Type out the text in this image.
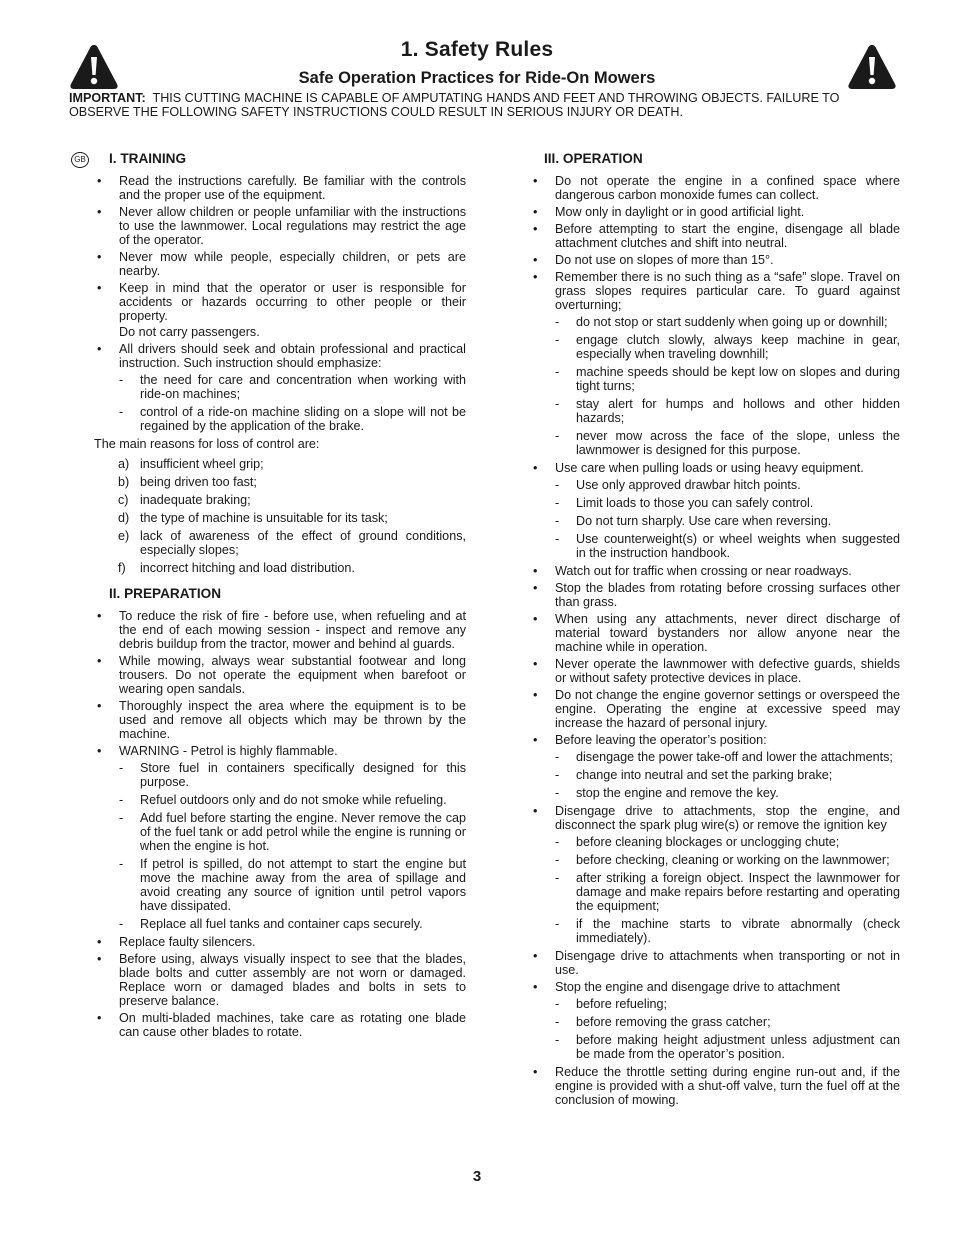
1. Safety Rules
Safe Operation Practices for Ride-On Mowers
IMPORTANT: THIS CUTTING MACHINE IS CAPABLE OF AMPUTATING HANDS AND FEET AND THROWING OBJECTS. FAILURE TO OBSERVE THE FOLLOWING SAFETY INSTRUCTIONS COULD RESULT IN SERIOUS INJURY OR DEATH.
GB I. TRAINING
• Read the instructions carefully. Be familiar with the controls and the proper use of the equipment.
• Never allow children or people unfamiliar with the instructions to use the lawnmower. Local regulations may restrict the age of the operator.
• Never mow while people, especially children, or pets are nearby.
• Keep in mind that the operator or user is responsible for accidents or hazards occurring to other people or their property.
Do not carry passengers.
• All drivers should seek and obtain professional and practical instruction. Such instruction should emphasize:
- the need for care and concentration when working with ride-on machines;
- control of a ride-on machine sliding on a slope will not be regained by the application of the brake.
The main reasons for loss of control are:
a) insufficient wheel grip;
b) being driven too fast;
c) inadequate braking;
d) the type of machine is unsuitable for its task;
e) lack of awareness of the effect of ground conditions, especially slopes;
f) incorrect hitching and load distribution.
II. PREPARATION
• To reduce the risk of fire - before use, when refueling and at the end of each mowing session - inspect and remove any debris buildup from the tractor, mower and behind al guards.
• While mowing, always wear substantial footwear and long trousers. Do not operate the equipment when barefoot or wearing open sandals.
• Thoroughly inspect the area where the equipment is to be used and remove all objects which may be thrown by the machine.
• WARNING - Petrol is highly flammable.
- Store fuel in containers specifically designed for this purpose.
- Refuel outdoors only and do not smoke while refueling.
- Add fuel before starting the engine. Never remove the cap of the fuel tank or add petrol while the engine is running or when the engine is hot.
- If petrol is spilled, do not attempt to start the engine but move the machine away from the area of spillage and avoid creating any source of ignition until petrol vapors have dissipated.
- Replace all fuel tanks and container caps securely.
• Replace faulty silencers.
• Before using, always visually inspect to see that the blades, blade bolts and cutter assembly are not worn or damaged. Replace worn or damaged blades and bolts in sets to preserve balance.
• On multi-bladed machines, take care as rotating one blade can cause other blades to rotate.
III. OPERATION
• Do not operate the engine in a confined space where dangerous carbon monoxide fumes can collect.
• Mow only in daylight or in good artificial light.
• Before attempting to start the engine, disengage all blade attachment clutches and shift into neutral.
• Do not use on slopes of more than 15°.
• Remember there is no such thing as a “safe” slope. Travel on grass slopes requires particular care. To guard against overturning;
- do not stop or start suddenly when going up or downhill;
- engage clutch slowly, always keep machine in gear, especially when traveling downhill;
- machine speeds should be kept low on slopes and during tight turns;
- stay alert for humps and hollows and other hidden hazards;
- never mow across the face of the slope, unless the lawnmower is designed for this purpose.
• Use care when pulling loads or using heavy equipment.
- Use only approved drawbar hitch points.
- Limit loads to those you can safely control.
- Do not turn sharply. Use care when reversing.
- Use counterweight(s) or wheel weights when suggested in the instruction handbook.
• Watch out for traffic when crossing or near roadways.
• Stop the blades from rotating before crossing surfaces other than grass.
• When using any attachments, never direct discharge of material toward bystanders nor allow anyone near the machine while in operation.
• Never operate the lawnmower with defective guards, shields or without safety protective devices in place.
• Do not change the engine governor settings or overspeed the engine. Operating the engine at excessive speed may increase the hazard of personal injury.
• Before leaving the operator’s position:
- disengage the power take-off and lower the attachments;
- change into neutral and set the parking brake;
- stop the engine and remove the key.
• Disengage drive to attachments, stop the engine, and disconnect the spark plug wire(s) or remove the ignition key
- before cleaning blockages or unclogging chute;
- before checking, cleaning or working on the lawnmower;
- after striking a foreign object. Inspect the lawnmower for damage and make repairs before restarting and operating the equipment;
- if the machine starts to vibrate abnormally (check immediately).
• Disengage drive to attachments when transporting or not in use.
• Stop the engine and disengage drive to attachment
- before refueling;
- before removing the grass catcher;
- before making height adjustment unless adjustment can be made from the operator’s position.
• Reduce the throttle setting during engine run-out and, if the engine is provided with a shut-off valve, turn the fuel off at the conclusion of mowing.
3
